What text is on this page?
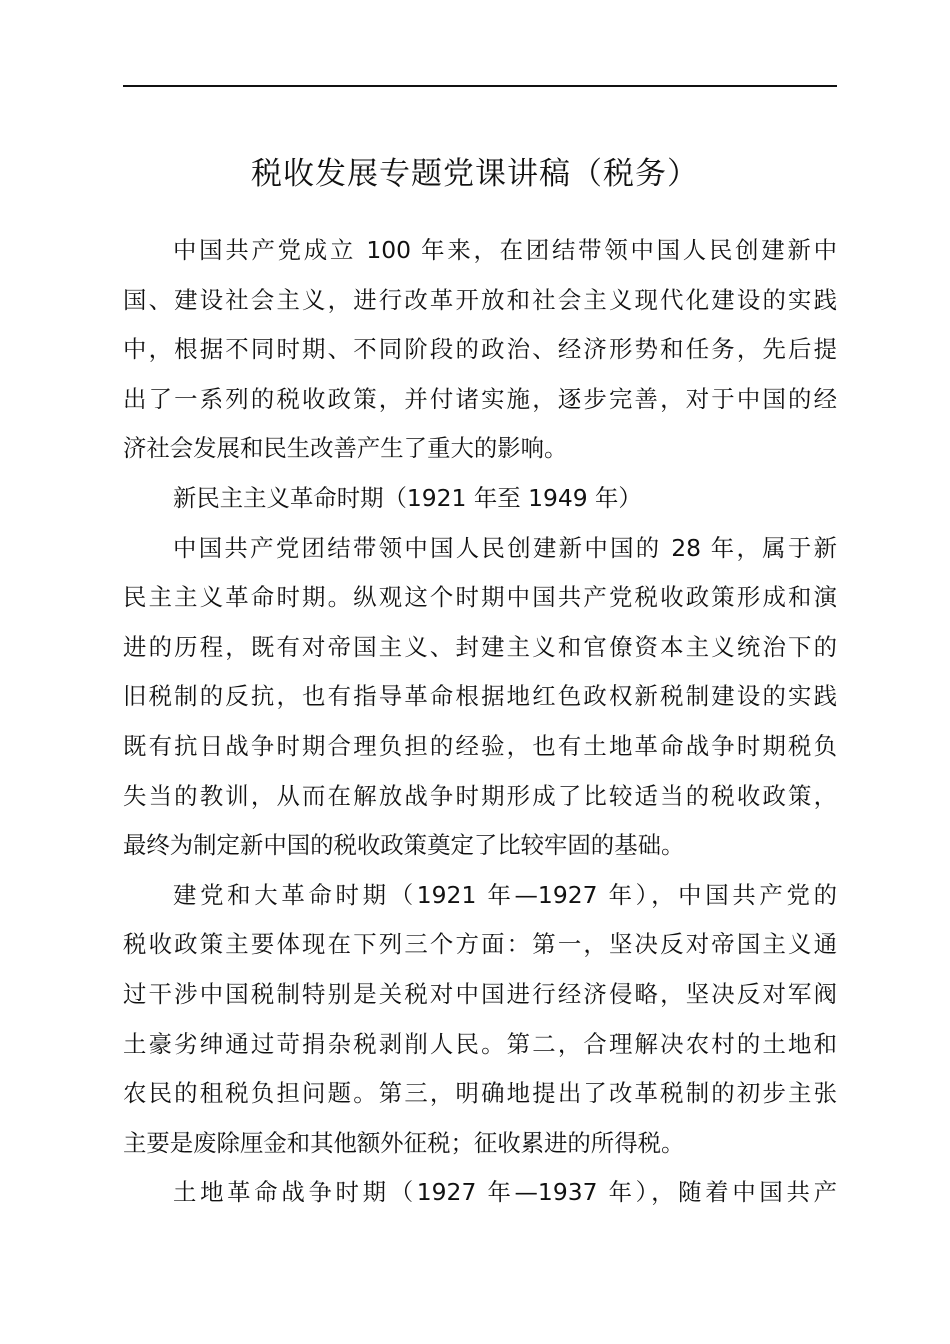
税收发展专题党课讲稿（税务）
中国共产党成立 100 年来，在团结带领中国人民创建新中
国、建设社会主义，进行改革开放和社会主义现代化建设的实践
中，根据不同时期、不同阶段的政治、经济形势和任务，先后提
出了一系列的税收政策，并付诸实施，逐步完善，对于中国的经
济社会发展和民生改善产生了重大的影响。
新民主主义革命时期（1921 年至 1949 年）
中国共产党团结带领中国人民创建新中国的 28 年，属于新
民主主义革命时期。纵观这个时期中国共产党税收政策形成和演
进的历程，既有对帝国主义、封建主义和官僚资本主义统治下的
旧税制的反抗，也有指导革命根据地红色政权新税制建设的实践
既有抗日战争时期合理负担的经验，也有土地革命战争时期税负
失当的教训，从而在解放战争时期形成了比较适当的税收政策，
最终为制定新中国的税收政策奠定了比较牢固的基础。
建党和大革命时期（1921 年—1927 年），中国共产党的
税收政策主要体现在下列三个方面：第一，坚决反对帝国主义通
过干涉中国税制特别是关税对中国进行经济侵略，坚决反对军阀
土豪劣绅通过苛捐杂税剥削人民。第二，合理解决农村的土地和
农民的租税负担问题。第三，明确地提出了改革税制的初步主张
主要是废除厘金和其他额外征税；征收累进的所得税。
土地革命战争时期（1927 年—1937 年），随着中国共产
